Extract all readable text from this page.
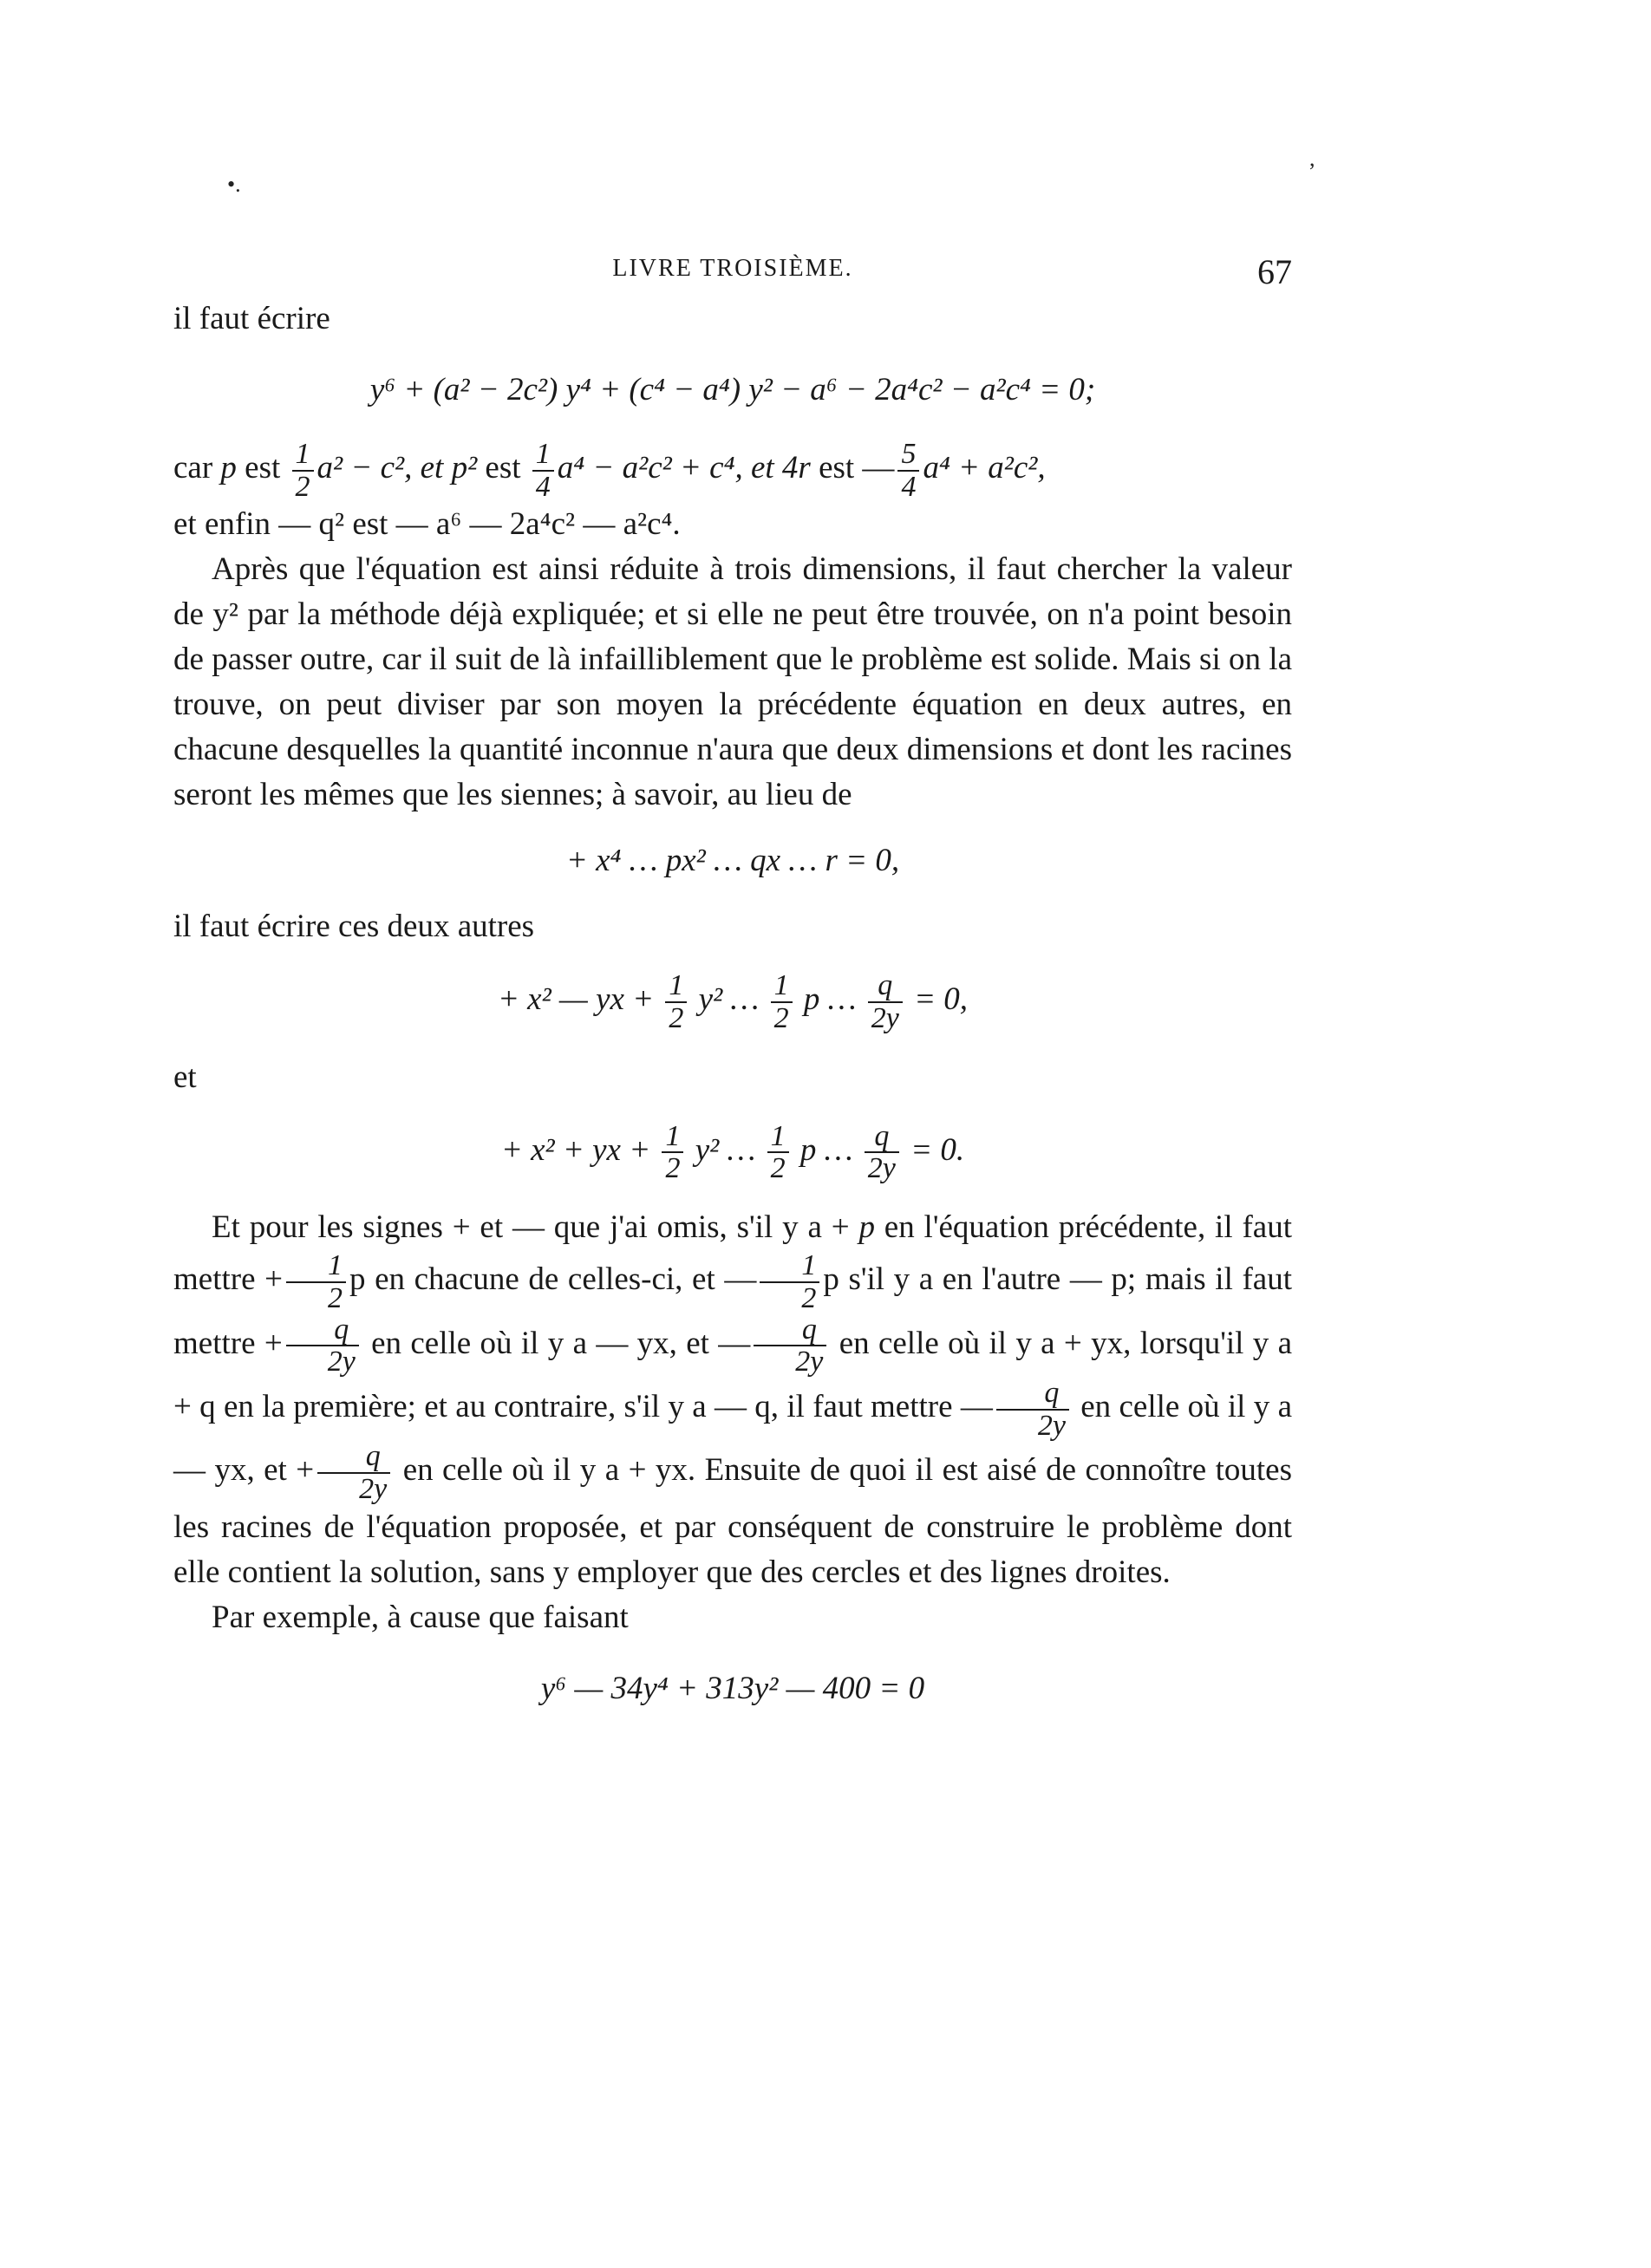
•.
,
LIVRE TROISIÈME.	67

il faut écrire

y⁶ + (a² − 2c²) y⁴ + (c⁴ − a⁴) y² − a⁶ − 2a⁴c² − a²c⁴ = 0;

car p est $\frac{1}{2} a^2 - c^2$, et p² est $\frac{1}{4} a^4 - a^2c^2 + c^4$, et 4r est — $\frac{5}{4} a^4 + a^2c^2$,

et enfin — q² est — a⁶ — 2a⁴c² — a²c⁴.

Après que l'équation est ainsi réduite à trois dimensions, il faut chercher la valeur de y² par la méthode déjà expliquée; et si elle ne peut être trouvée, on n'a point besoin de passer outre, car il suit de là infailliblement que le problème est solide. Mais si on la trouve, on peut diviser par son moyen la précédente équation en deux autres, en chacune desquelles la quantité inconnue n'aura que deux dimensions et dont les racines seront les mêmes que les siennes; à savoir, au lieu de

+ x⁴ … px² … qx … r = 0,

il faut écrire ces deux autres

+ x² — yx + $\frac{1}{2} y^2$ … $\frac{1}{2}$ p … $\frac{q}{2y} = 0$,

et

+ x² + yx + $\frac{1}{2} y^2$ … $\frac{1}{2}$ p … $\frac{q}{2y} = 0$.

Et pour les signes + et — que j'ai omis, s'il y a + p en l'équation précédente, il faut mettre + $\frac{1}{2}$ p en chacune de celles-ci, et — $\frac{1}{2}$ p s'il y a en l'autre — p; mais il faut mettre + $\frac{q}{2y}$ en celle où il y a — yx, et — $\frac{q}{2y}$ en celle où il y a + yx, lorsqu'il y a + q en la première; et au contraire, s'il y a — q, il faut mettre — $\frac{q}{2y}$ en celle où il y a — yx, et + $\frac{q}{2y}$ en celle où il y a + yx. Ensuite de quoi il est aisé de connoître toutes les racines de l'équation proposée, et par conséquent de construire le problème dont elle contient la solution, sans y employer que des cercles et des lignes droites.

Par exemple, à cause que faisant

y⁶ — 34y⁴ + 313y² — 400 = 0
